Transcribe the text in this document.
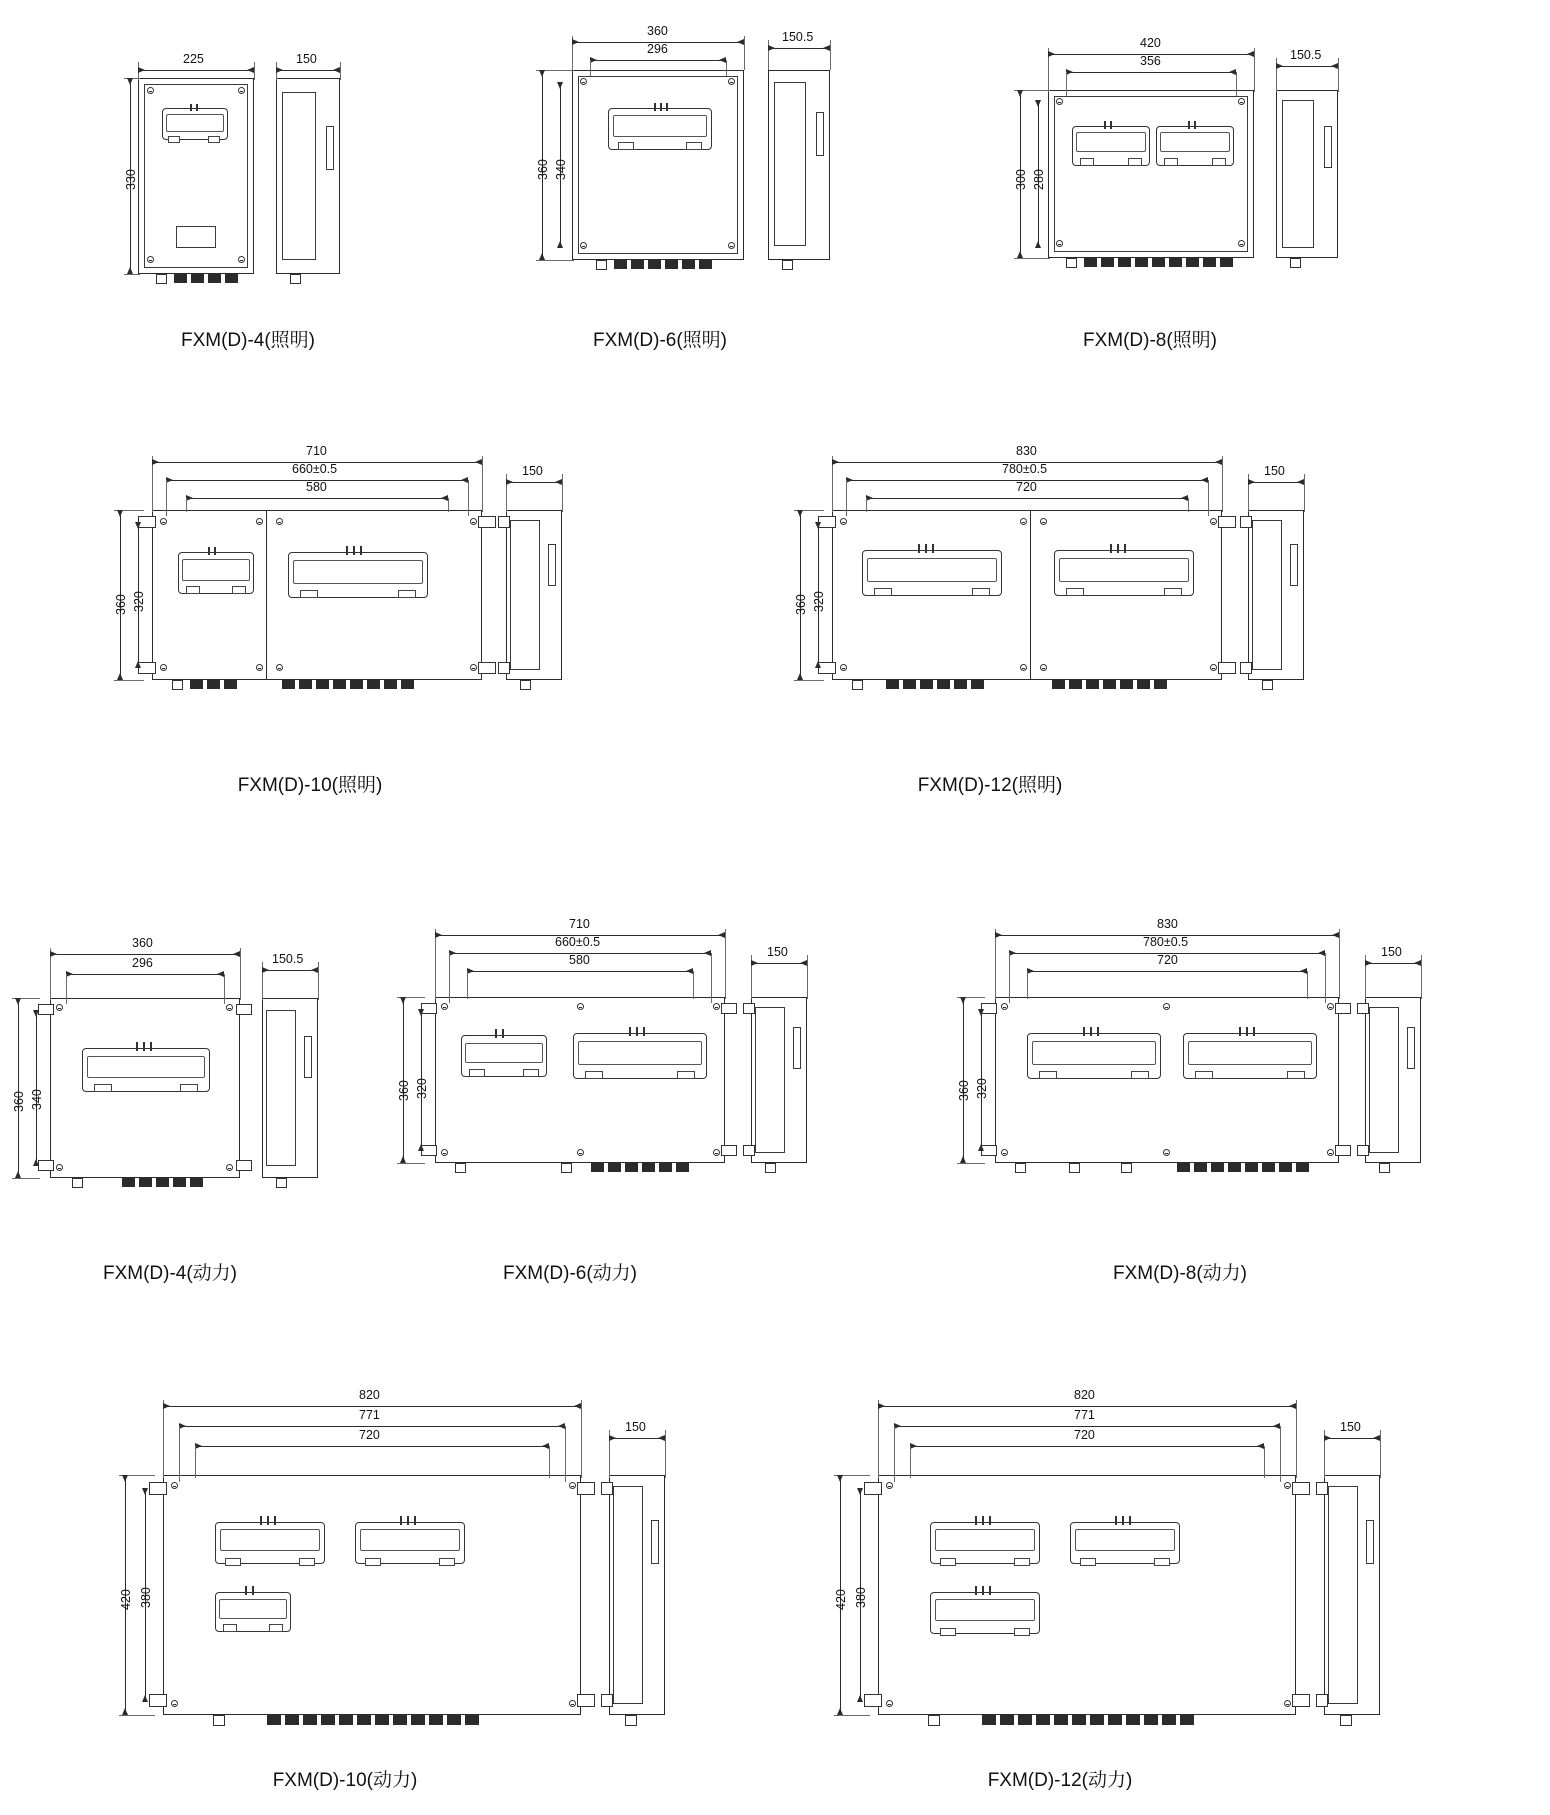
225
330
150
FXM(D)-4(照明)
360
296
360 340
150.5
FXM(D)-6(照明)
420
356
300 280
150.5
FXM(D)-8(照明)
710
660±0.5
580
360 320
150
FXM(D)-10(照明)
830
780±0.5
720
360 320
150
FXM(D)-12(照明)
360
296
360 340
150.5
FXM(D)-4(动力)
710
660±0.5
580
360 320
150
FXM(D)-6(动力)
830
780±0.5
720
360 320
150
FXM(D)-8(动力)
820
771
720
420 380
150
FXM(D)-10(动力)
820
771
720
420 380
150
FXM(D)-12(动力)
